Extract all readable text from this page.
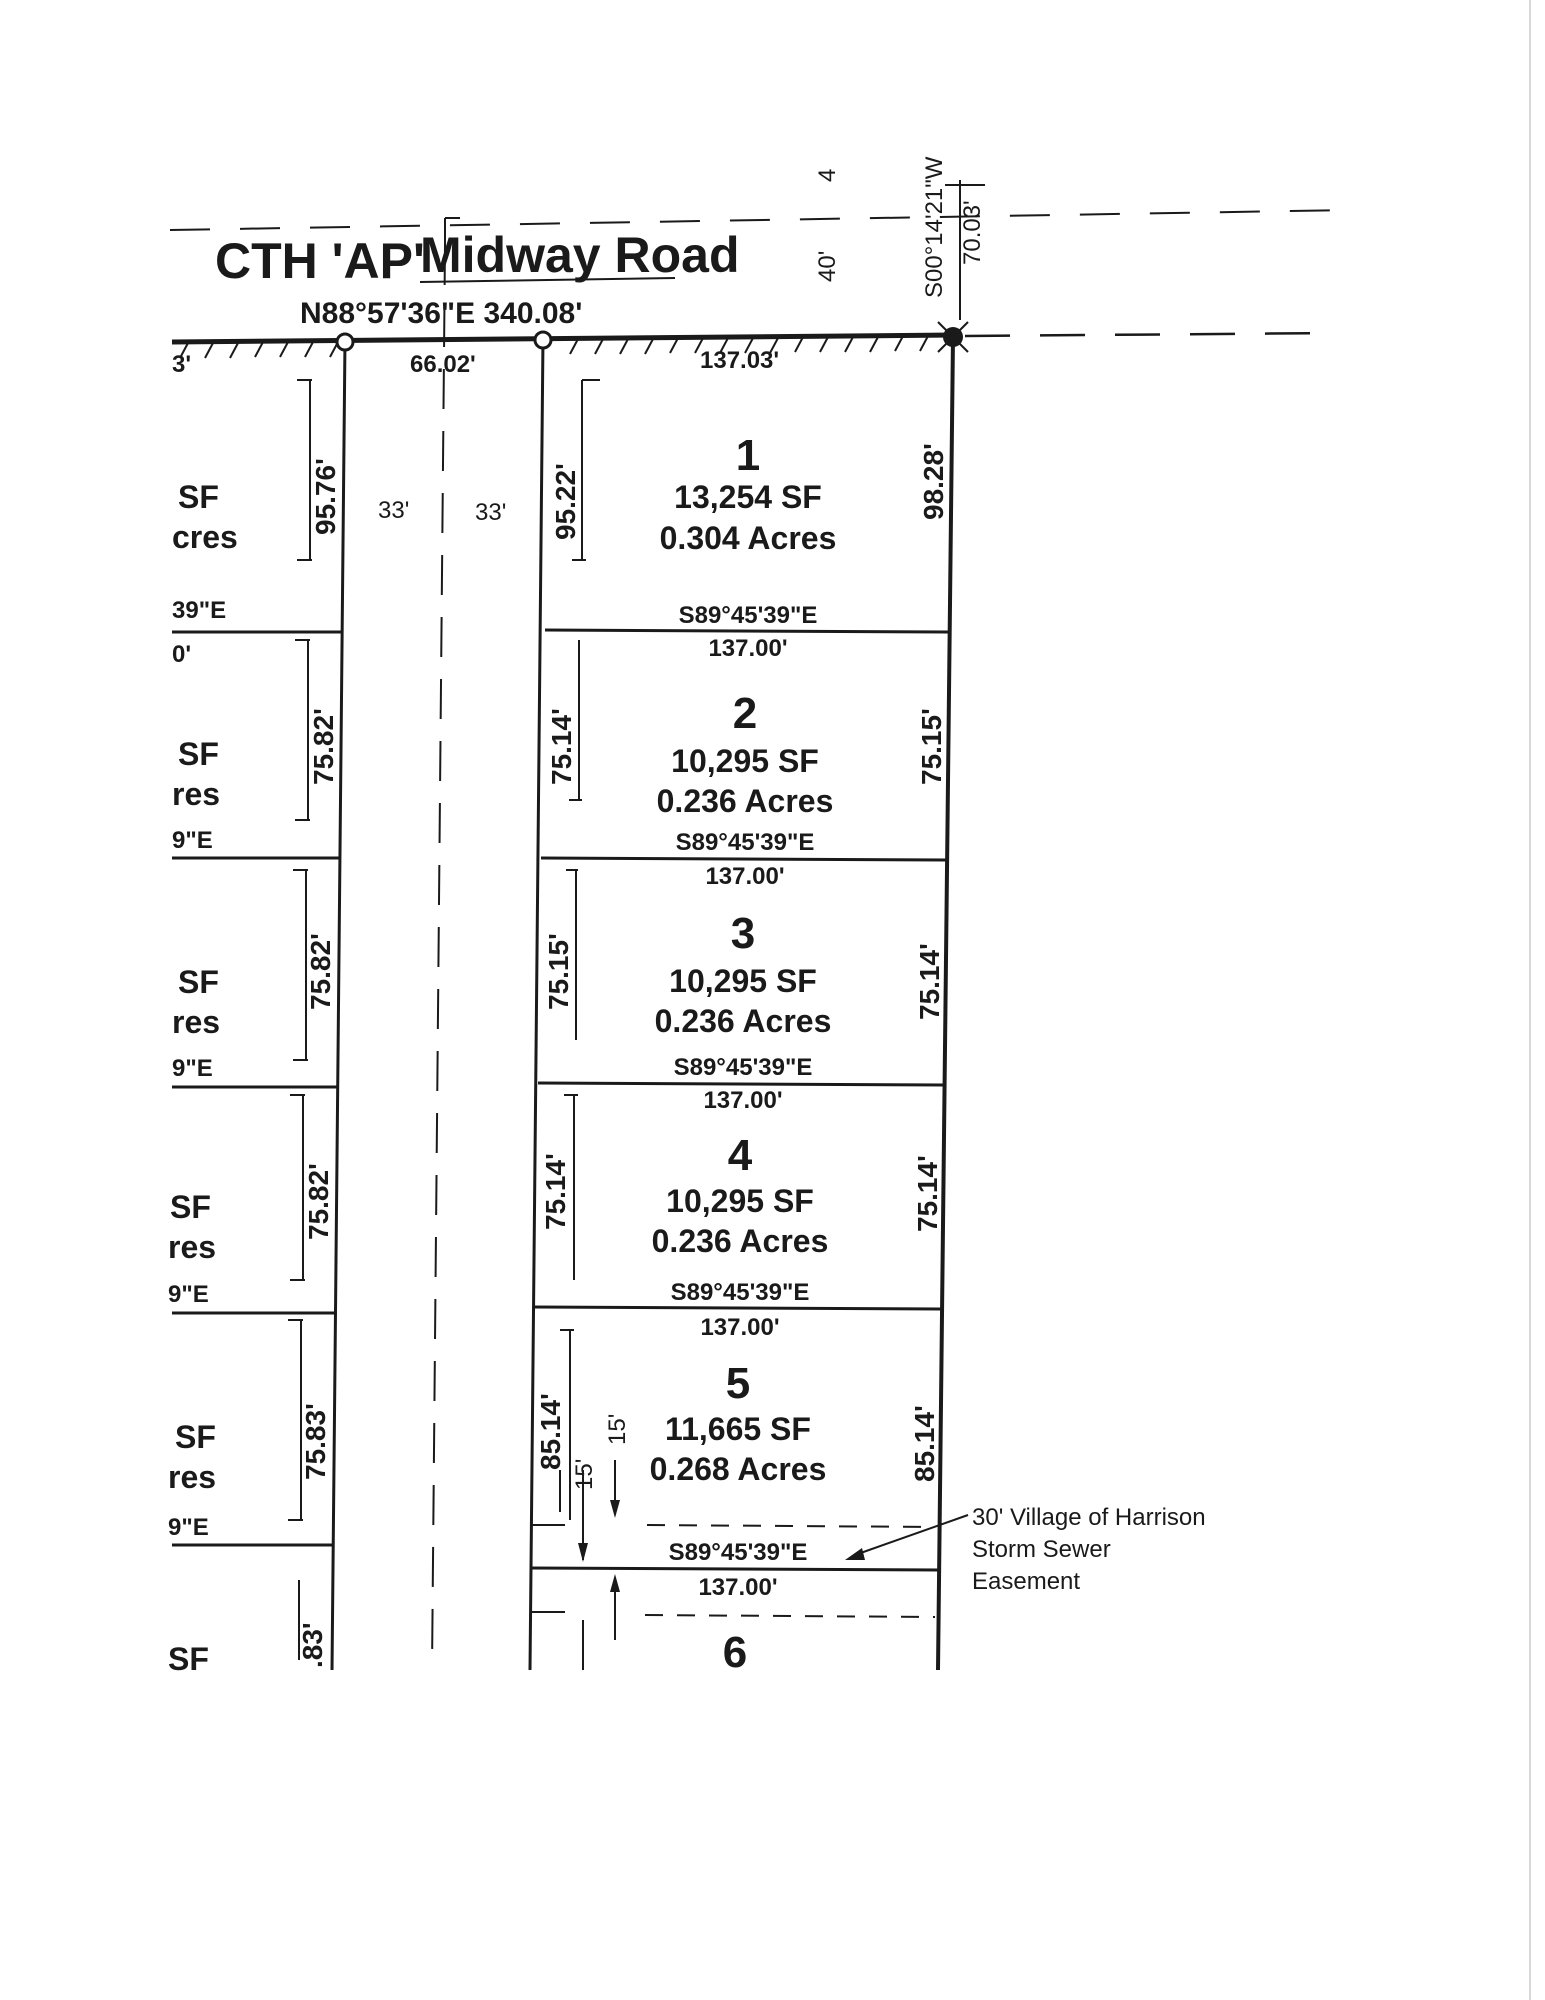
CTH 'AP'
Midway Road
N88°57'36"E 340.08'
66.02'
33'	33'
137.03'
40'
4	S00°14'21"W 70.03'
1
13,254 SF
0.304 Acres
95.22'	98.28'
S89°45'39"E
137.00'
2
10,295 SF
0.236 Acres
75.14'	75.15'
S89°45'39"E
137.00'
3
10,295 SF
0.236 Acres
75.15'	75.14'
S89°45'39"E
137.00'
4
10,295 SF
0.236 Acres
75.14'	75.14'
S89°45'39"E
137.00'
5
11,665 SF
0.268 Acres
85.14'	85.14'
S89°45'39"E
137.00'
15'
15'
6
30' Village of Harrison
Storm Sewer
Easement
3'
0'
SF
cres
39"E
95.76'
SF
res
9"E
75.82'
SF
res
9"E
75.82'
SF
res
9"E
75.82'
SF
res
9"E
75.83'
SF	.83'
